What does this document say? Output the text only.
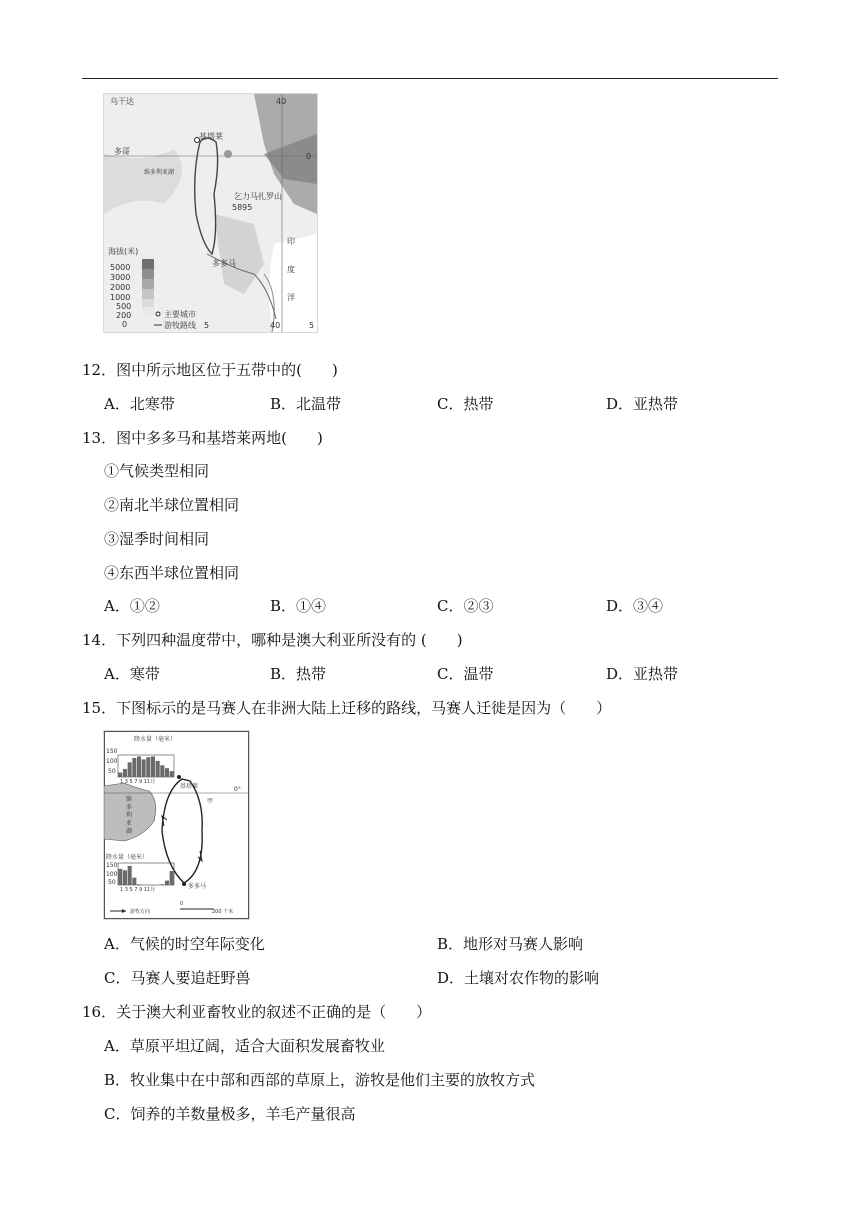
乌干达	40
基塔莱
多哥
0
维多利亚湖
乞力马扎罗山
5895
印
度
洋
海拔(米)
多多马
5000
3000
2000
1000
500
200
0
主要城市
游牧路线 5	40	5
12．图中所示地区位于五带中的(　　)
A．北寒带	B．北温带	C．热带	D．亚热带
13．图中多多马和基塔莱两地(　　)
①气候类型相同
②南北半球位置相同
③湿季时间相同
④东西半球位置相同
A．①②	B．①④	C．②③	D．③④
14．下列四种温度带中，哪种是澳大利亚所没有的 (　　)
A．寒带	B．热带	C．温带	D．亚热带
15．下图标示的是马赛人在非洲大陆上迁移的路线，马赛人迁徙是因为（　　）
降水量（毫米）
150
100
50
1 3 5 7 9 11月
基塔莱	0°
甲
维
多
利
亚
湖
降水量（毫米）
150
100
50
1 3 5 7 9 11月	多多马
游牧方向
0
200 千米
A．气候的时空年际变化	B．地形对马赛人影响
C．马赛人要追赶野兽	D．土壤对农作物的影响
16．关于澳大利亚畜牧业的叙述不正确的是（　　）
A．草原平坦辽阔，适合大面积发展畜牧业
B．牧业集中在中部和西部的草原上，游牧是他们主要的放牧方式
C．饲养的羊数量极多，羊毛产量很高
